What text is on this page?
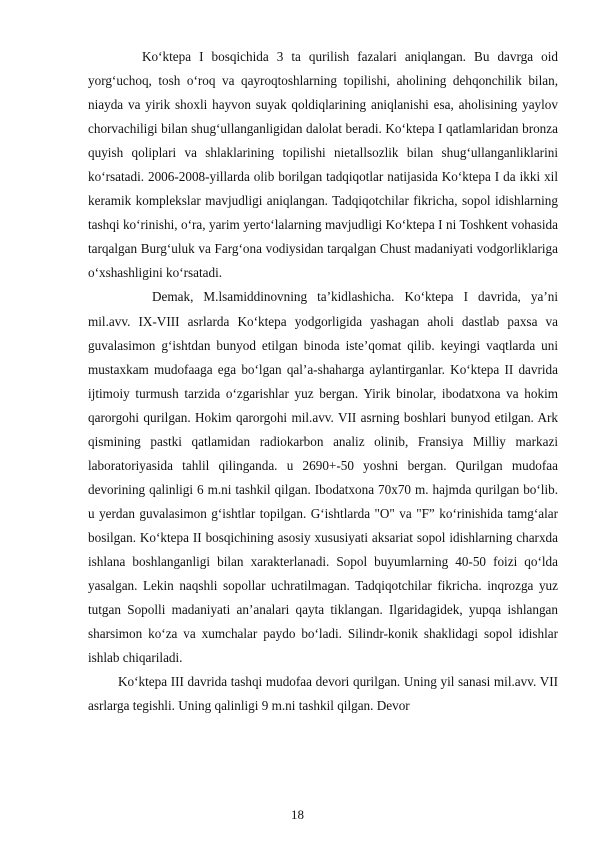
Ko‘ktepa I bosqichida 3 ta qurilish fazalari aniqlangan. Bu davrga oid yorg‘uchoq, tosh o‘roq va qayroqtoshlarning topilishi, aholining dehqonchilik bilan, niayda va yirik shoxli hayvon suyak qoldiqlarining aniqlanishi esa, aholisining yaylov chorvachiligi bilan shug‘ullanganligidan dalolat beradi. Ko‘ktepa I qatlamlaridan bronza quyish qoliplari va shlaklarining topilishi nietallsozlik bilan shug‘ullanganliklarini ko‘rsatadi. 2006-2008-yillarda olib borilgan tadqiqotlar natijasida Ko‘ktepa I da ikki xil keramik komplekslar mavjudligi aniqlangan. Tadqiqotchilar fikricha, sopol idishlarning tashqi ko‘rinishi, o‘ra, yarim yerto‘lalarning mavjudligi Ko‘ktepa I ni Toshkent vohasida tarqalgan Burg‘uluk va Farg‘ona vodiysidan tarqalgan Chust madaniyati vodgorliklariga o‘xshashligini ko‘rsatadi.

Demak, M.lsamiddinovning ta’kidlashicha. Ko‘ktepa I davrida, ya’ni mil.avv. IX-VIII asrlarda Ko‘ktepa yodgorligida yashagan aholi dastlab paxsa va guvalasimon g‘ishtdan bunyod etilgan binoda iste’qomat qilib. keyingi vaqtlarda uni mustaxkam mudofaaga ega bo‘lgan qal’a-shaharga aylantirganlar. Ko‘ktepa II davrida ijtimoiy turmush tarzida o‘zgarishlar yuz bergan. Yirik binolar, ibodatxona va hokim qarorgohi qurilgan. Hokim qarorgohi mil.avv. VII asrning boshlari bunyod etilgan. Ark qismining pastki qatlamidan radiokarbon analiz olinib, Fransiya Milliy markazi laboratoriyasida tahlil qilinganda. u 2690+-50 yoshni bergan. Qurilgan mudofaa devorining qalinligi 6 m.ni tashkil qilgan. Ibodatxona 70x70 m. hajmda qurilgan bo‘lib. u yerdan guvalasimon g‘ishtlar topilgan. G‘ishtlarda "O" va "F” ko‘rinishida tamg‘alar bosilgan. Ko‘ktepa II bosqichining asosiy xususiyati aksariat sopol idishlarning charxda ishlana boshlanganligi bilan xarakterlanadi. Sopol buyumlarning 40-50 foizi qo‘lda yasalgan. Lekin naqshli sopollar uchratilmagan. Tadqiqotchilar fikricha. inqrozga yuz tutgan Sopolli madaniyati an’analari qayta tiklangan. Ilgaridagidek, yupqa ishlangan sharsimon ko‘za va xumchalar paydo bo‘ladi. Silindr-konik shaklidagi sopol idishlar ishlab chiqariladi.

Ko‘ktepa III davrida tashqi mudofaa devori qurilgan. Uning yil sanasi mil.avv. VII asrlarga tegishli. Uning qalinligi 9 m.ni tashkil qilgan. Devor

18
